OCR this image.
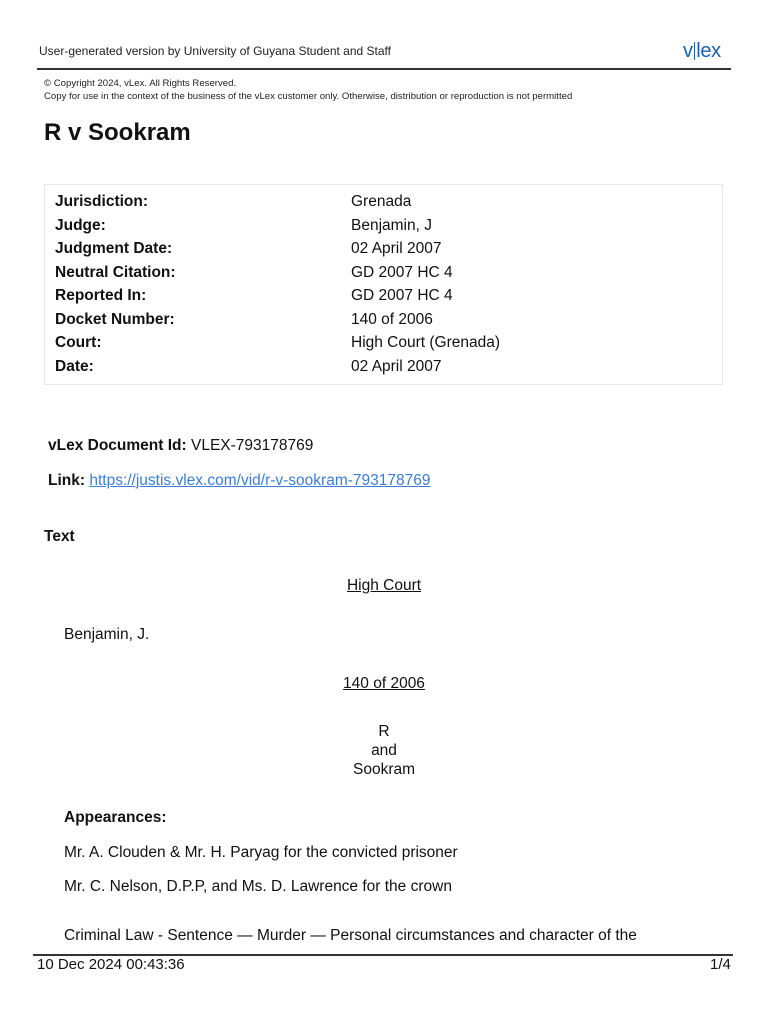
User-generated version by University of Guyana Student and Staff	v lex
© Copyright 2024, vLex. All Rights Reserved.
Copy for use in the context of the business of the vLex customer only. Otherwise, distribution or reproduction is not permitted
R v Sookram
Jurisdiction:	Grenada
Judge:	Benjamin, J
Judgment Date:	02 April 2007
Neutral Citation:	GD 2007 HC 4
Reported In:	GD 2007 HC 4
Docket Number:	140 of 2006
Court:	High Court (Grenada)
Date:	02 April 2007
vLex Document Id: VLEX-793178769
Link: https://justis.vlex.com/vid/r-v-sookram-793178769
Text
High Court
Benjamin, J.
140 of 2006
R
and
Sookram
Appearances:
Mr. A. Clouden & Mr. H. Paryag for the convicted prisoner
Mr. C. Nelson, D.P.P, and Ms. D. Lawrence for the crown
Criminal Law - Sentence — Murder — Personal circumstances and character of the
10 Dec 2024 00:43:36	1/4
